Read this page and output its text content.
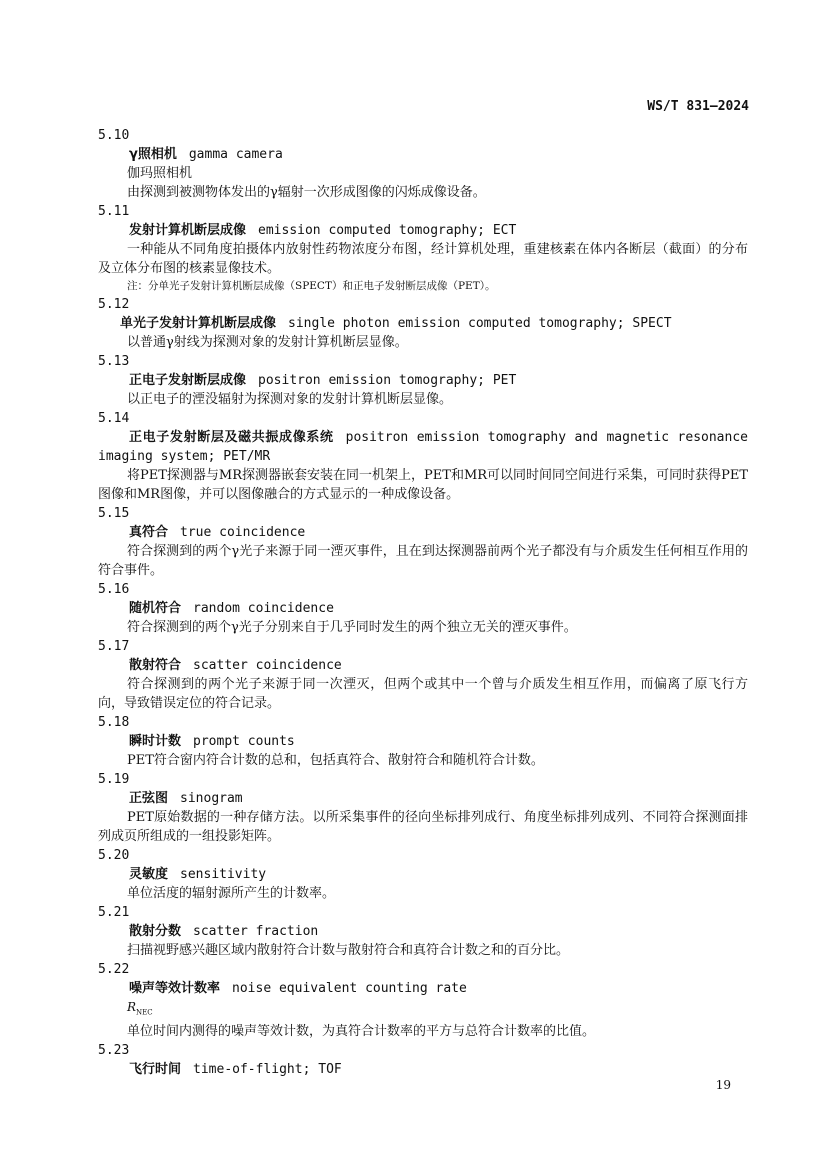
WS/T 831—2024
5.10
γ照相机 gamma camera
伽玛照相机
由探测到被测物体发出的γ辐射一次形成图像的闪烁成像设备。
5.11
发射计算机断层成像 emission computed tomography; ECT
一种能从不同角度拍摄体内放射性药物浓度分布图，经计算机处理，重建核素在体内各断层（截面）的分布及立体分布图的核素显像技术。
注：分单光子发射计算机断层成像（SPECT）和正电子发射断层成像（PET）。
5.12
单光子发射计算机断层成像 single photon emission computed tomography; SPECT
以普通γ射线为探测对象的发射计算机断层显像。
5.13
正电子发射断层成像 positron emission tomography; PET
以正电子的湮没辐射为探测对象的发射计算机断层显像。
5.14
正电子发射断层及磁共振成像系统 positron emission tomography and magnetic resonance imaging system; PET/MR
将PET探测器与MR探测器嵌套安装在同一机架上，PET和MR可以同时间同空间进行采集，可同时获得PET图像和MR图像，并可以图像融合的方式显示的一种成像设备。
5.15
真符合 true coincidence
符合探测到的两个γ光子来源于同一湮灭事件，且在到达探测器前两个光子都没有与介质发生任何相互作用的符合事件。
5.16
随机符合 random coincidence
符合探测到的两个γ光子分别来自于几乎同时发生的两个独立无关的湮灭事件。
5.17
散射符合 scatter coincidence
符合探测到的两个光子来源于同一次湮灭，但两个或其中一个曾与介质发生相互作用，而偏离了原飞行方向，导致错误定位的符合记录。
5.18
瞬时计数 prompt counts
PET符合窗内符合计数的总和，包括真符合、散射符合和随机符合计数。
5.19
正弦图 sinogram
PET原始数据的一种存储方法。以所采集事件的径向坐标排列成行、角度坐标排列成列、不同符合探测面排列成页所组成的一组投影矩阵。
5.20
灵敏度 sensitivity
单位活度的辐射源所产生的计数率。
5.21
散射分数 scatter fraction
扫描视野感兴趣区域内散射符合计数与散射符合和真符合计数之和的百分比。
5.22
噪声等效计数率 noise equivalent counting rate
$R_{NEC}$
单位时间内测得的噪声等效计数，为真符合计数率的平方与总符合计数率的比值。
5.23
飞行时间 time-of-flight; TOF
19
